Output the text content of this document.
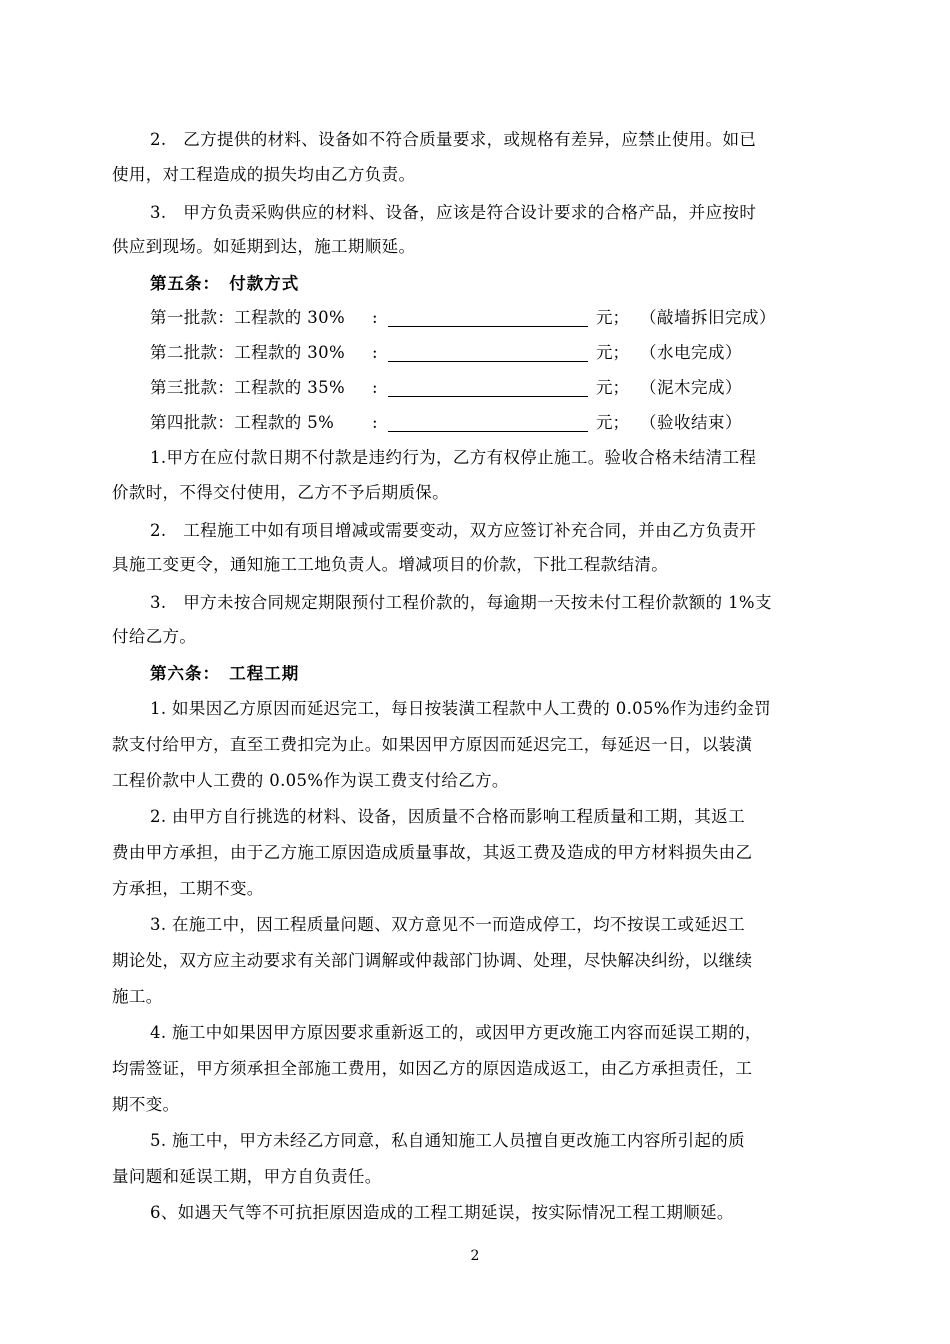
2.　乙方提供的材料、设备如不符合质量要求，或规格有差异，应禁止使用。如已
使用，对工程造成的损失均由乙方负责。
3.　甲方负责采购供应的材料、设备，应该是符合设计要求的合格产品，并应按时
供应到现场。如延期到达，施工期顺延。
第五条：　付款方式
第一批款：工程款的 30% :	元； （敲墙拆旧完成）
第二批款：工程款的 30% :	元； （水电完成）
第三批款：工程款的 35% :	元； （泥木完成）
第四批款：工程款的 5% :	元； （验收结束）
1.甲方在应付款日期不付款是违约行为，乙方有权停止施工。验收合格未结清工程
价款时，不得交付使用，乙方不予后期质保。
2.　工程施工中如有项目增减或需要变动，双方应签订补充合同，并由乙方负责开
具施工变更令，通知施工工地负责人。增减项目的价款，下批工程款结清。
3.　甲方未按合同规定期限预付工程价款的，每逾期一天按未付工程价款额的 1%支
付给乙方。
第六条：　工程工期
1. 如果因乙方原因而延迟完工，每日按装潢工程款中人工费的 0.05%作为违约金罚
款支付给甲方，直至工费扣完为止。如果因甲方原因而延迟完工，每延迟一日，以装潢
工程价款中人工费的 0.05%作为误工费支付给乙方。
2. 由甲方自行挑选的材料、设备，因质量不合格而影响工程质量和工期，其返工
费由甲方承担，由于乙方施工原因造成质量事故，其返工费及造成的甲方材料损失由乙
方承担，工期不变。
3. 在施工中，因工程质量问题、双方意见不一而造成停工，均不按误工或延迟工
期论处，双方应主动要求有关部门调解或仲裁部门协调、处理，尽快解决纠纷，以继续
施工。
4. 施工中如果因甲方原因要求重新返工的，或因甲方更改施工内容而延误工期的，
均需签证，甲方须承担全部施工费用，如因乙方的原因造成返工，由乙方承担责任，工
期不变。
5. 施工中，甲方未经乙方同意，私自通知施工人员擅自更改施工内容所引起的质
量问题和延误工期，甲方自负责任。
6、如遇天气等不可抗拒原因造成的工程工期延误，按实际情况工程工期顺延。
2
